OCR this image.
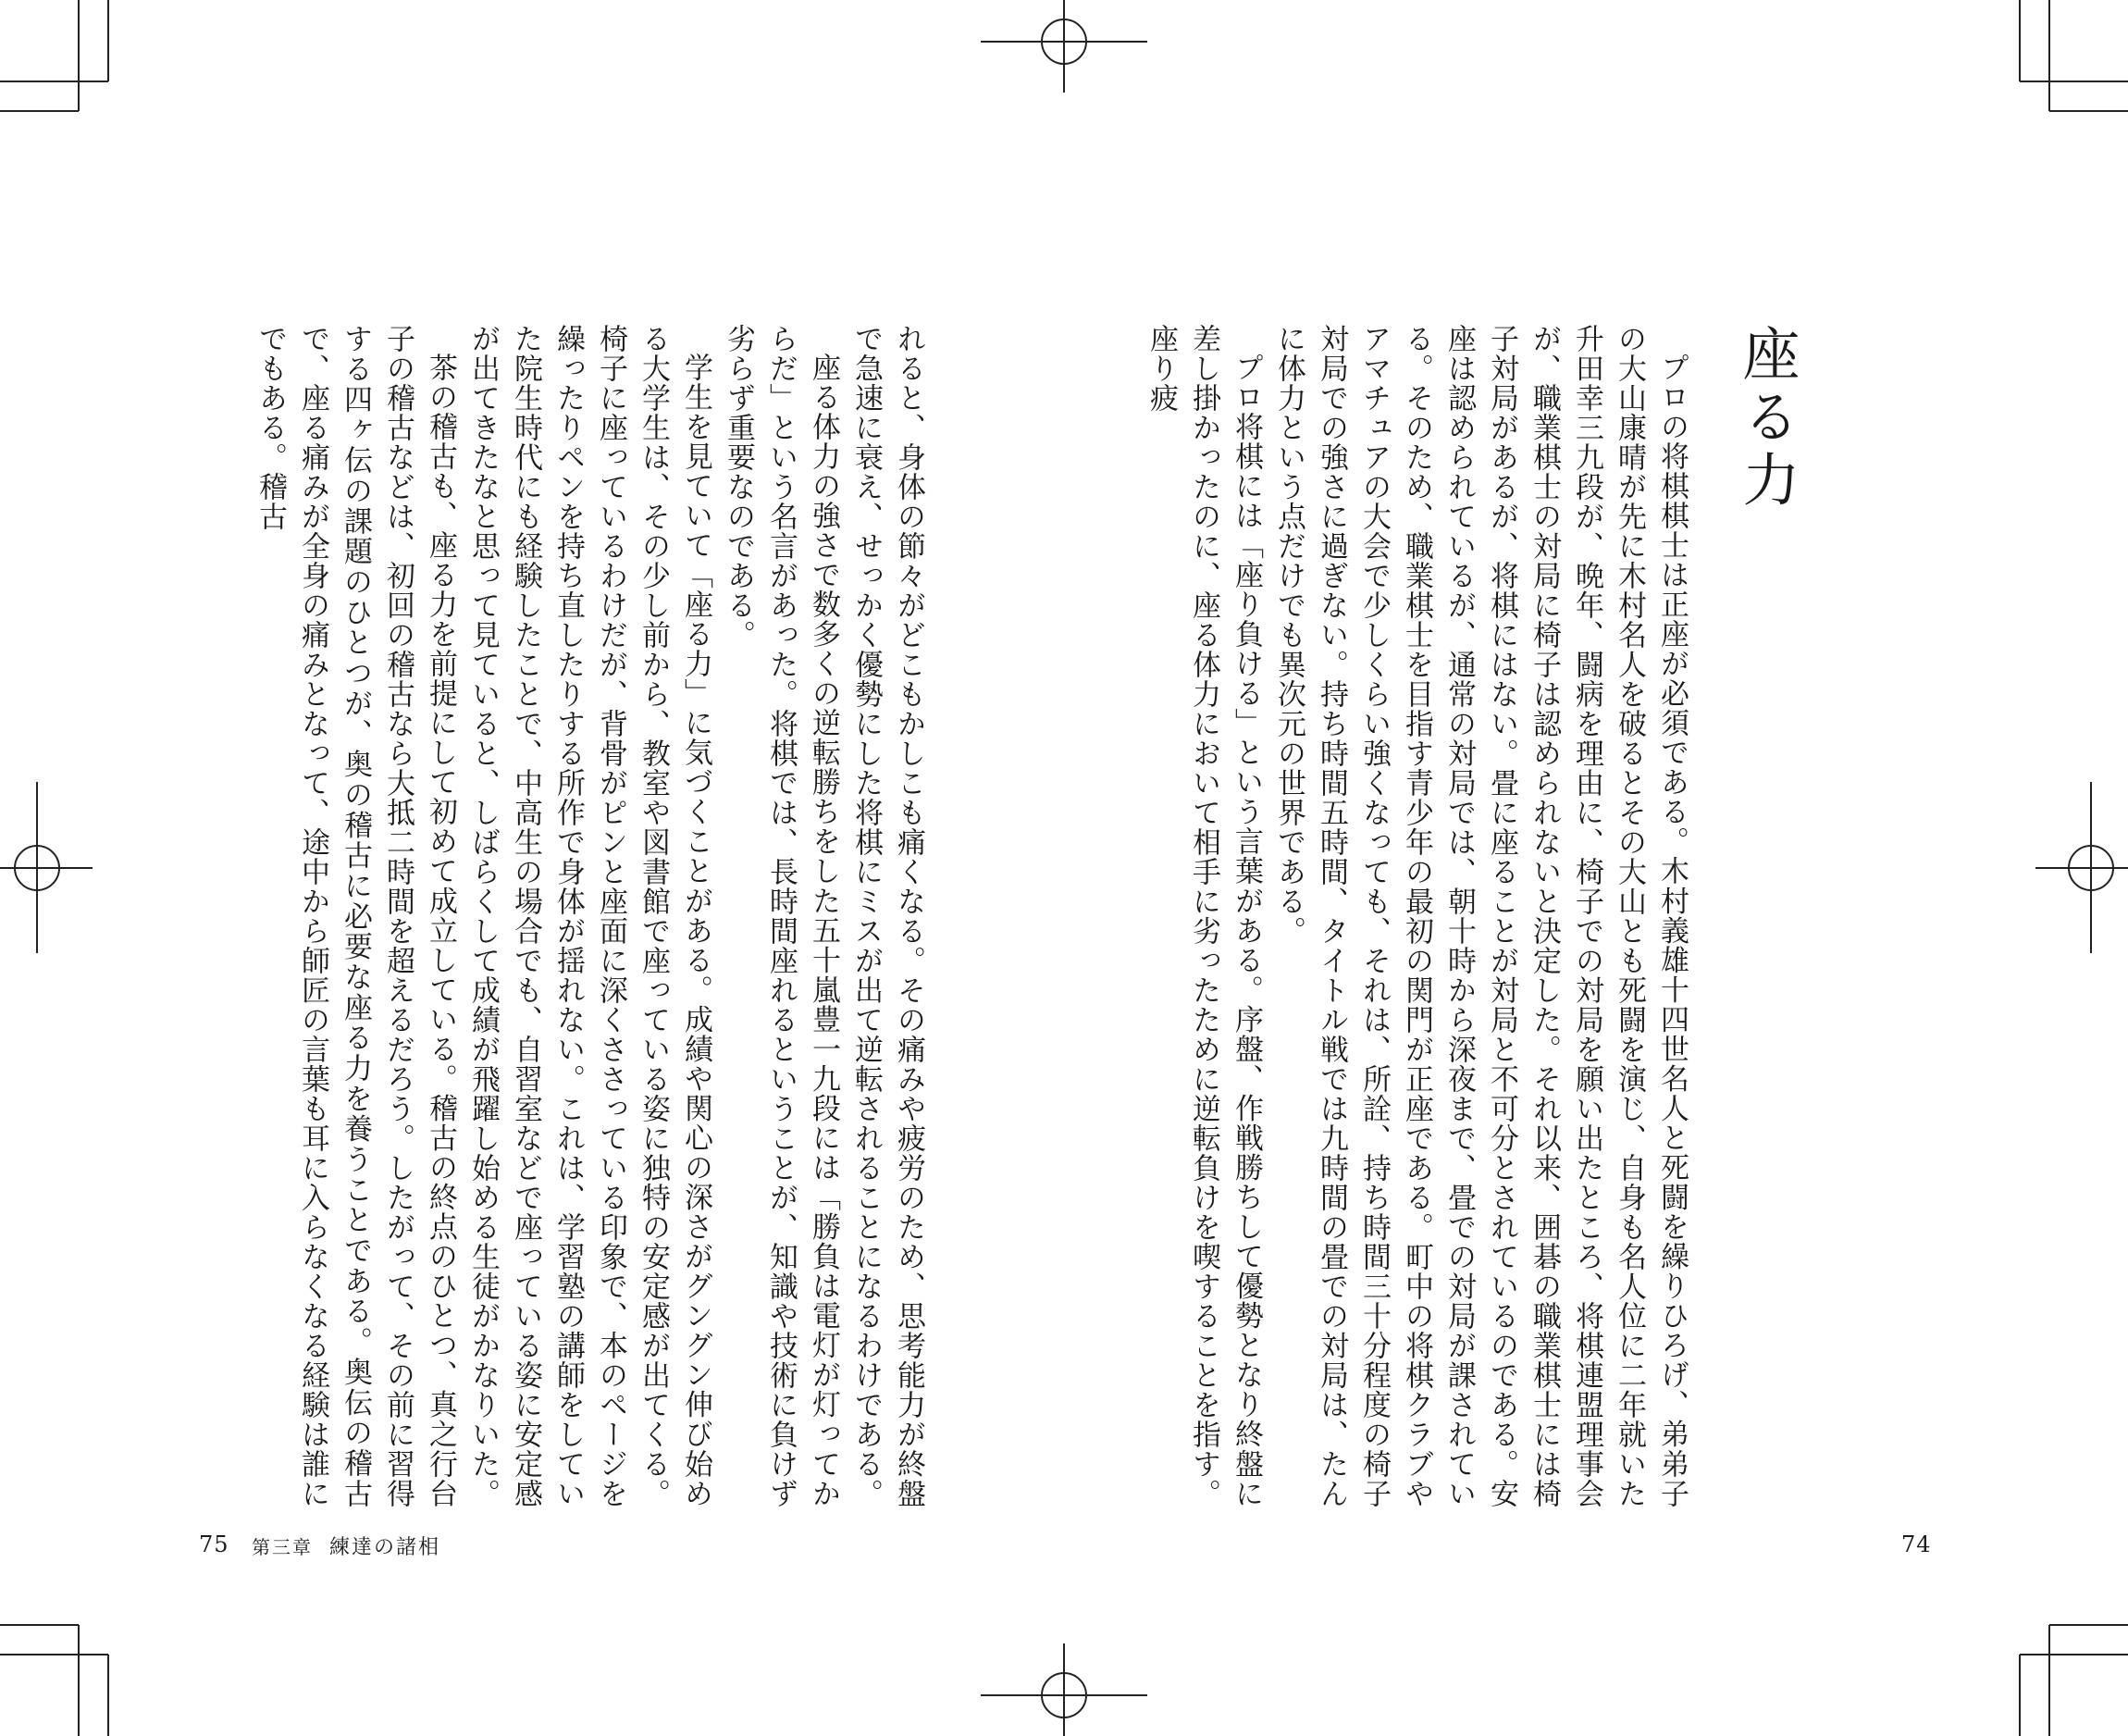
座る力

プロの将棋棋士は正座が必須である。木村義雄十四世名人と死闘を繰りひろげ、弟弟子の大山康晴が先に木村名人を破るとその大山とも死闘を演じ、自身も名人位に二年就いた升田幸三九段が、晩年、闘病を理由に、椅子での対局を願い出たところ、将棋連盟理事会が、職業棋士の対局に椅子は認められないと決定した。それ以来、囲碁の職業棋士には椅子対局があるが、将棋にはない。畳に座ることが対局と不可分とされているのである。安座は認められているが、通常の対局では、朝十時から深夜まで、畳での対局が課されている。そのため、職業棋士を目指す青少年の最初の関門が正座である。町中の将棋クラブやアマチュアの大会で少しくらい強くなっても、それは、所詮、持ち時間三十分程度の椅子対局での強さに過ぎない。持ち時間五時間、タイトル戦では九時間の畳での対局は、たんに体力という点だけでも異次元の世界である。

プロ将棋には「座り負ける」という言葉がある。序盤、作戦勝ちして優勢となり終盤に差し掛かったのに、座る体力において相手に劣ったために逆転負けを喫することを指す。座り疲

れると、身体の節々がどこもかしこも痛くなる。その痛みや疲労のため、思考能力が終盤で急速に衰え、せっかく優勢にした将棋にミスが出て逆転されることになるわけである。

座る体力の強さで数多くの逆転勝ちをした五十嵐豊一九段には「勝負は電灯が灯ってからだ」という名言があった。将棋では、長時間座れるということが、知識や技術に負けず劣らず重要なのである。

学生を見ていて「座る力」に気づくことがある。成績や関心の深さがグングン伸び始める大学生は、その少し前から、教室や図書館で座っている姿に独特の安定感が出てくる。椅子に座っているわけだが、背骨がピンと座面に深くささっている印象で、本のページを繰ったりペンを持ち直したりする所作で身体が揺れない。これは、学習塾の講師をしていた院生時代にも経験したことで、中高生の場合でも、自習室などで座っている姿に安定感が出てきたなと思って見ていると、しばらくして成績が飛躍し始める生徒がかなりいた。

茶の稽古も、座る力を前提にして初めて成立している。稽古の終点のひとつ、真之行台子の稽古などは、初回の稽古なら大抵二時間を超えるだろう。したがって、その前に習得する四ヶ伝の課題のひとつが、奥の稽古に必要な座る力を養うことである。奥伝の稽古で、座る痛みが全身の痛みとなって、途中から師匠の言葉も耳に入らなくなる経験は誰にでもある。稽古

74
75 第三章 練達の諸相
